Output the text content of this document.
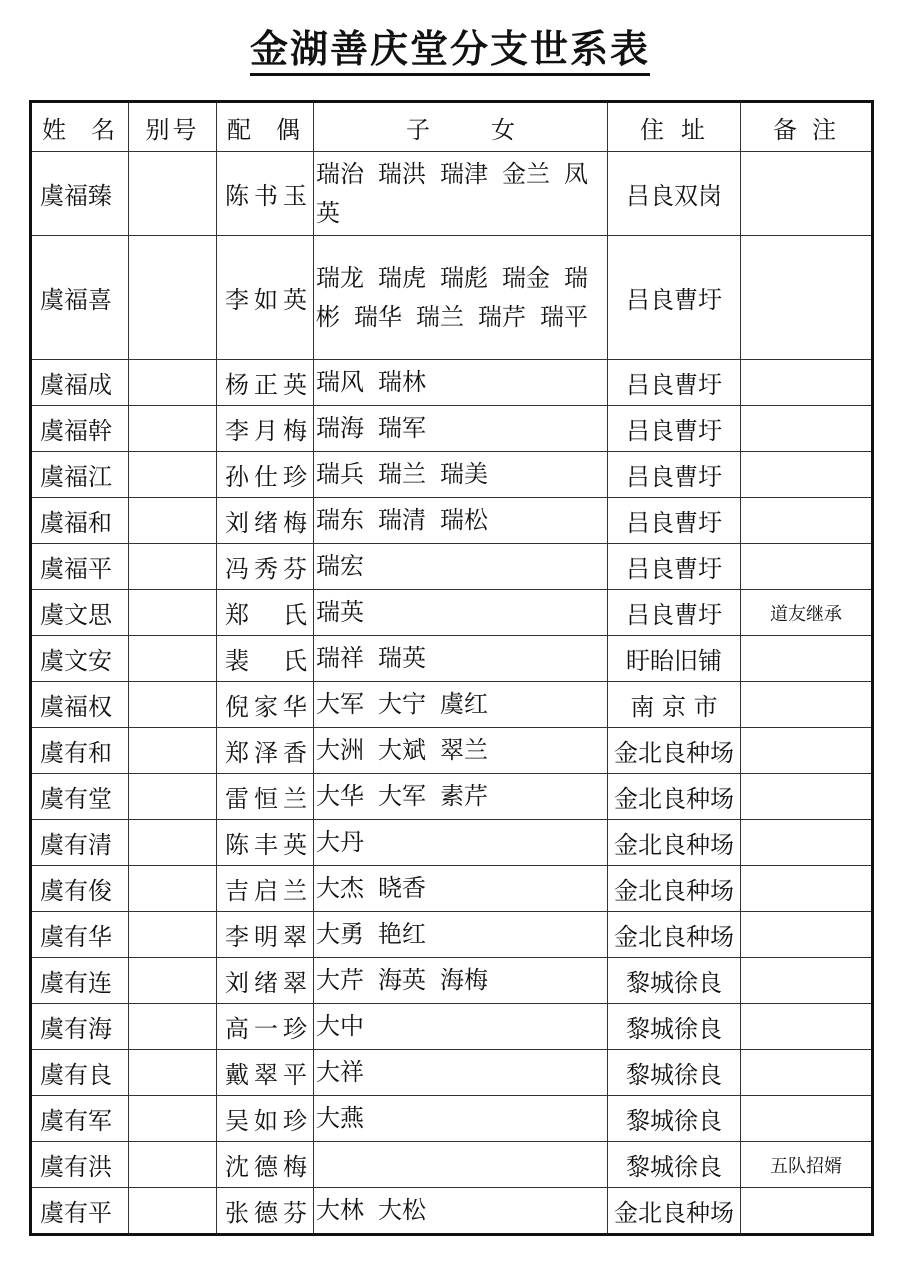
金湖善庆堂分支世系表
姓 名	别号	配 偶	子 女	住 址	备 注
虞福臻		陈书玉	瑞治 瑞洪 瑞津 金兰 凤英	吕良双岗	
虞福喜		李如英	瑞龙 瑞虎 瑞彪 瑞金 瑞彬 瑞华 瑞兰 瑞芹 瑞平	吕良曹圩	
虞福成		杨正英	瑞风 瑞林	吕良曹圩	
虞福幹		李月梅	瑞海 瑞军	吕良曹圩	
虞福江		孙仕珍	瑞兵 瑞兰 瑞美	吕良曹圩	
虞福和		刘绪梅	瑞东 瑞清 瑞松	吕良曹圩	
虞福平		冯秀芬	瑞宏	吕良曹圩	
虞文思		郑 氏	瑞英	吕良曹圩	道友继承
虞文安		裴 氏	瑞祥 瑞英	盱眙旧铺	
虞福权		倪家华	大军 大宁 虞红	南 京 市	
虞有和		郑泽香	大洲 大斌 翠兰	金北良种场	
虞有堂		雷恒兰	大华 大军 素芹	金北良种场	
虞有清		陈丰英	大丹	金北良种场	
虞有俊		吉启兰	大杰 晓香	金北良种场	
虞有华		李明翠	大勇 艳红	金北良种场	
虞有连		刘绪翠	大芹 海英 海梅	黎城徐良	
虞有海		高一珍	大中	黎城徐良	
虞有良		戴翠平	大祥	黎城徐良	
虞有军		吴如珍	大燕	黎城徐良	
虞有洪		沈德梅		黎城徐良	五队招婿
虞有平		张德芬	大林 大松	金北良种场	
